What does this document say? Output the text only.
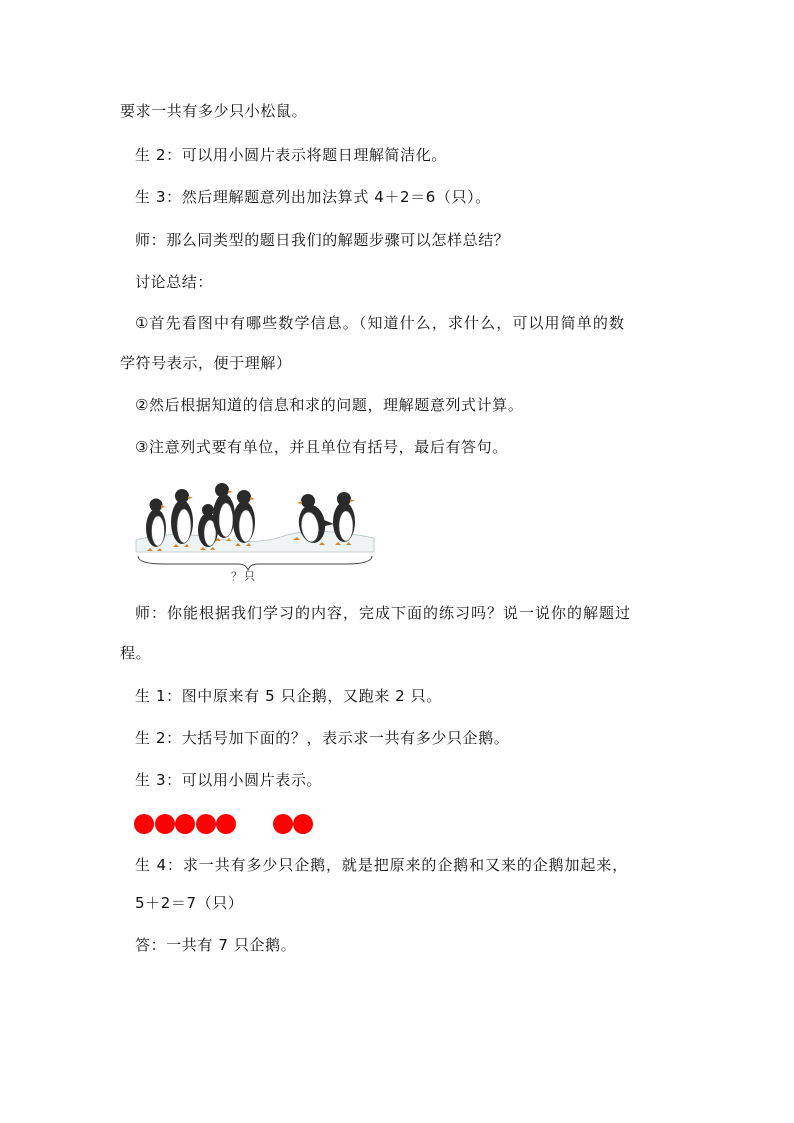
要求一共有多少只小松鼠。
生 2：可以用小圆片表示将题日理解简洁化。
生 3：然后理解题意列出加法算式 4＋2＝6（只）。
师：那么同类型的题日我们的解题步骤可以怎样总结？
讨论总结：
①首先看图中有哪些数学信息。（知道什么，求什么，可以用简单的数
学符号表示，便于理解）
②然后根据知道的信息和求的问题，理解题意列式计算。
③注意列式要有单位，并且单位有括号，最后有答句。
？只
师：你能根据我们学习的内容，完成下面的练习吗？说一说你的解题过
程。
生 1：图中原来有 5 只企鹅，又跑来 2 只。
生 2：大括号加下面的？，表示求一共有多少只企鹅。
生 3：可以用小圆片表示。
生 4：求一共有多少只企鹅，就是把原来的企鹅和又来的企鹅加起来，
5＋2＝7（只）
答：一共有 7 只企鹅。
